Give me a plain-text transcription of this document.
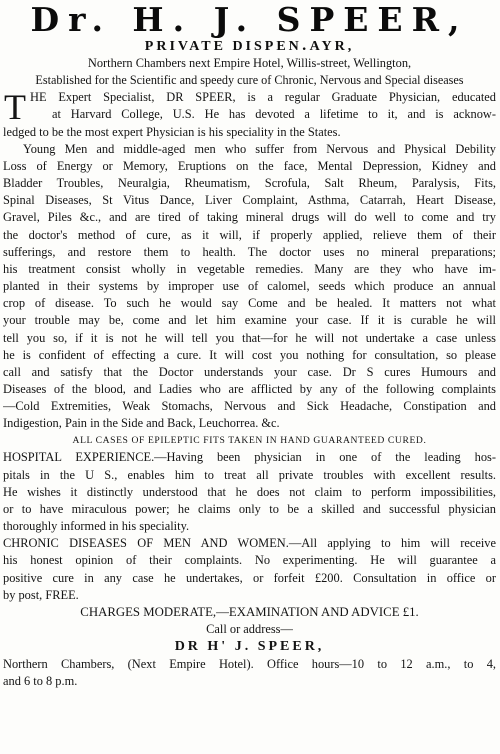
Dr. H. J. SPEER,
PRIVATE DISPEN․AYR,
Northern Chambers next Empire Hotel, Willis-street, Wellington,
Established for the Scientific and speedy cure of Chronic, Nervous and Special diseases
T HE Expert Specialist, DR SPEER, is a regular Graduate Physician, educated
at Harvard College, U.S. He has devoted a lifetime to it, and is acknow-
ledged to be the most expert Physician is his speciality in the States.
Young Men and middle-aged men who suffer from Nervous and Physical Debility
Loss of Energy or Memory, Eruptions on the face, Mental Depression, Kidney and
Bladder Troubles, Neuralgia, Rheumatism, Scrofula, Salt Rheum, Paralysis, Fits,
Spinal Diseases, St Vitus Dance, Liver Complaint, Asthma, Catarrah, Heart Disease,
Gravel, Piles &c., and are tired of taking mineral drugs will do well to come and try
the doctor's method of cure, as it will, if properly applied, relieve them of their
sufferings, and restore them to health. The doctor uses no mineral preparations;
his treatment consist wholly in vegetable remedies. Many are they who have im-
planted in their systems by improper use of calomel, seeds which produce an annual
crop of disease. To such he would say Come and be healed. It matters not what
your trouble may be, come and let him examine your case. If it is curable he will
tell you so, if it is not he will tell you that—for he will not undertake a case unless
he is confident of effecting a cure. It will cost you nothing for consultation, so please
call and satisfy that the Doctor understands your case. Dr S cures Humours and
Diseases of the blood, and Ladies who are afflicted by any of the following complaints
—Cold Extremities, Weak Stomachs, Nervous and Sick Headache, Constipation and
Indigestion, Pain in the Side and Back, Leuchorrea. &c.
ALL CASES OF EPILEPTIC FITS TAKEN IN HAND GUARANTEED CURED.
HOSPITAL EXPERIENCE.—Having been physician in one of the leading hos-
pitals in the U S., enables him to treat all private troubles with excellent results.
He wishes it distinctly understood that he does not claim to perform impossibilities,
or to have miraculous power; he claims only to be a skilled and successful physician
thoroughly informed in his speciality.
CHRONIC DISEASES OF MEN AND WOMEN.—All applying to him will receive
his honest opinion of their complaints. No experimenting. He will guarantee a
positive cure in any case he undertakes, or forfeit £200. Consultation in office or
by post, FREE.
CHARGES MODERATE,—EXAMINATION AND ADVICE £1.
Call or address—
DR H' J. SPEER,
Northern Chambers, (Next Empire Hotel). Office hours—10 to 12 a.m., to 4,
and 6 to 8 p.m.
